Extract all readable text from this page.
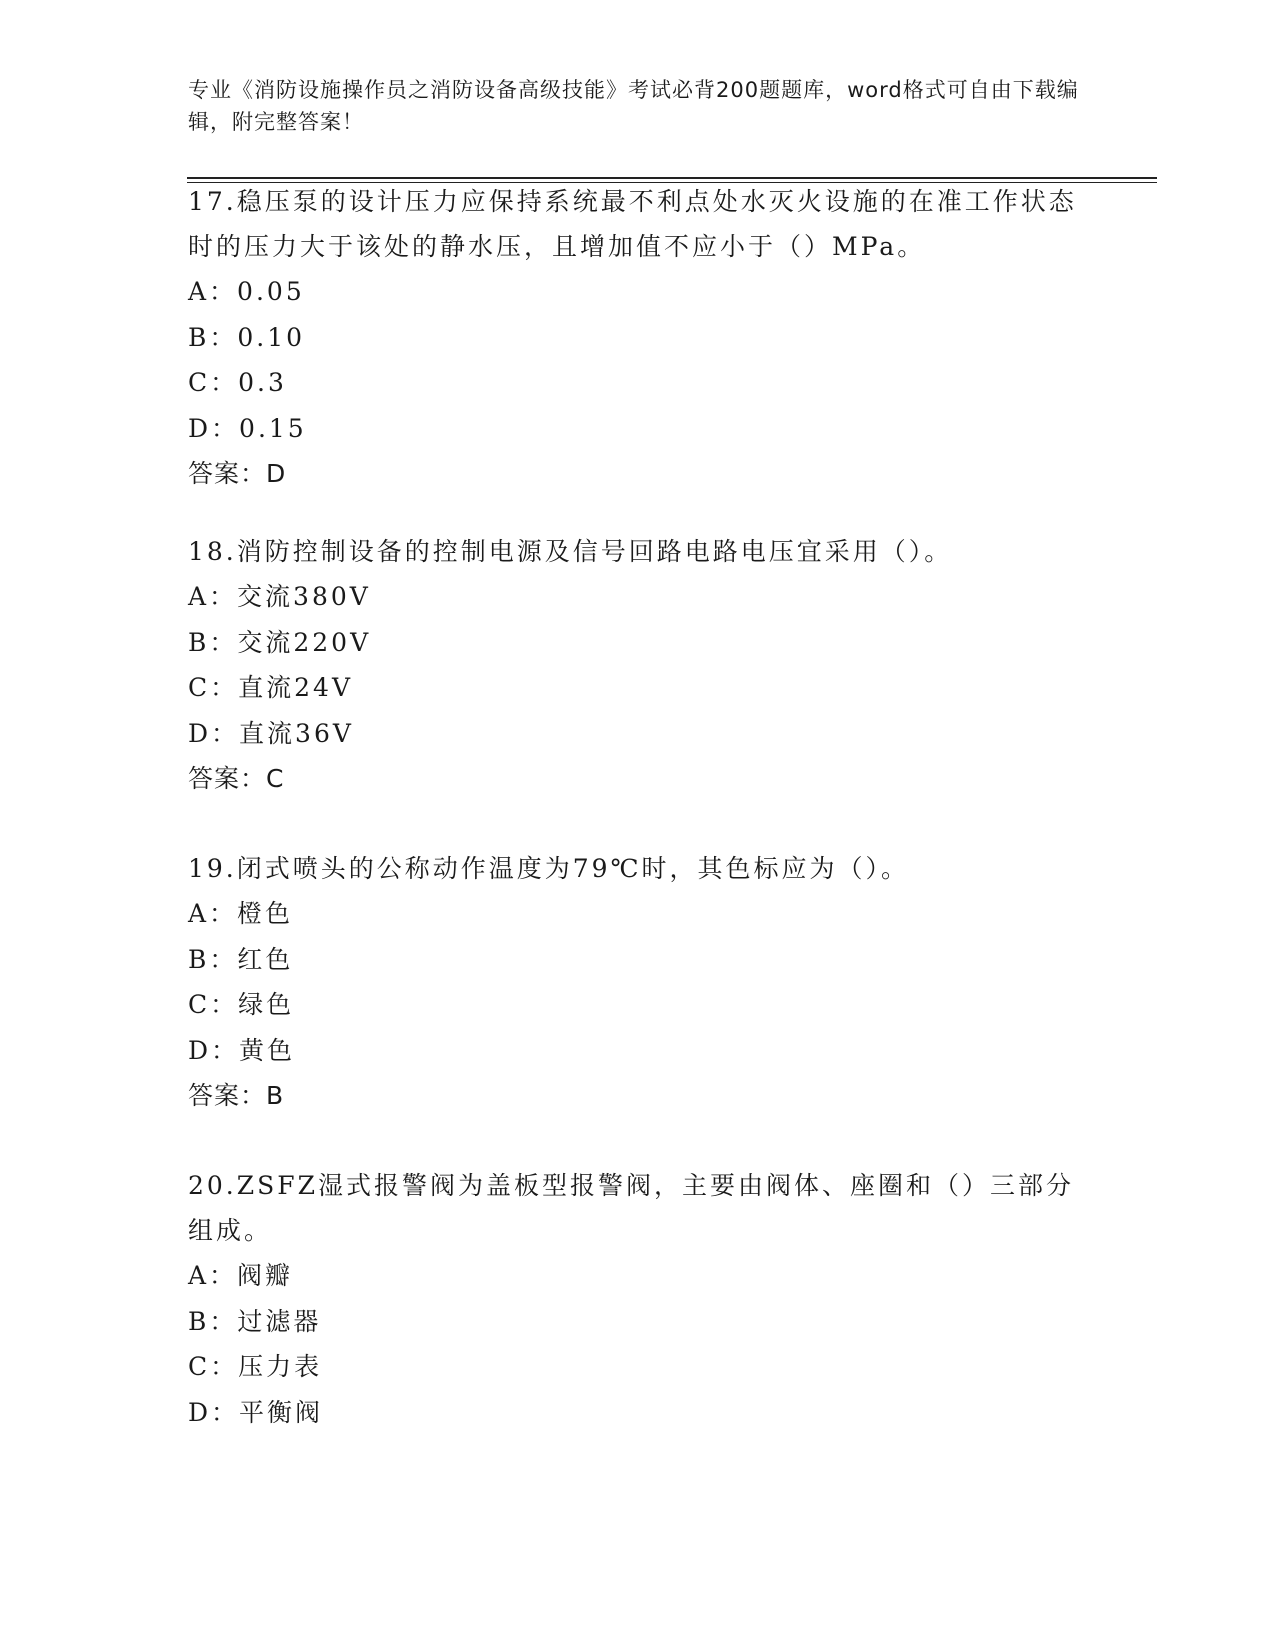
专业《消防设施操作员之消防设备高级技能》考试必背200题题库，word格式可自由下载编辑，附完整答案！

17.稳压泵的设计压力应保持系统最不利点处水灭火设施的在准工作状态时的压力大于该处的静水压，且增加值不应小于（）MPa。

A：0.05

B：0.10

C：0.3

D：0.15

答案：D

18.消防控制设备的控制电源及信号回路电路电压宜采用（）。

A：交流380V

B：交流220V

C：直流24V

D：直流36V

答案：C

19.闭式喷头的公称动作温度为79℃时，其色标应为（）。

A：橙色

B：红色

C：绿色

D：黄色

答案：B

20.ZSFZ湿式报警阀为盖板型报警阀，主要由阀体、座圈和（）三部分组成。

A：阀瓣

B：过滤器

C：压力表

D：平衡阀
